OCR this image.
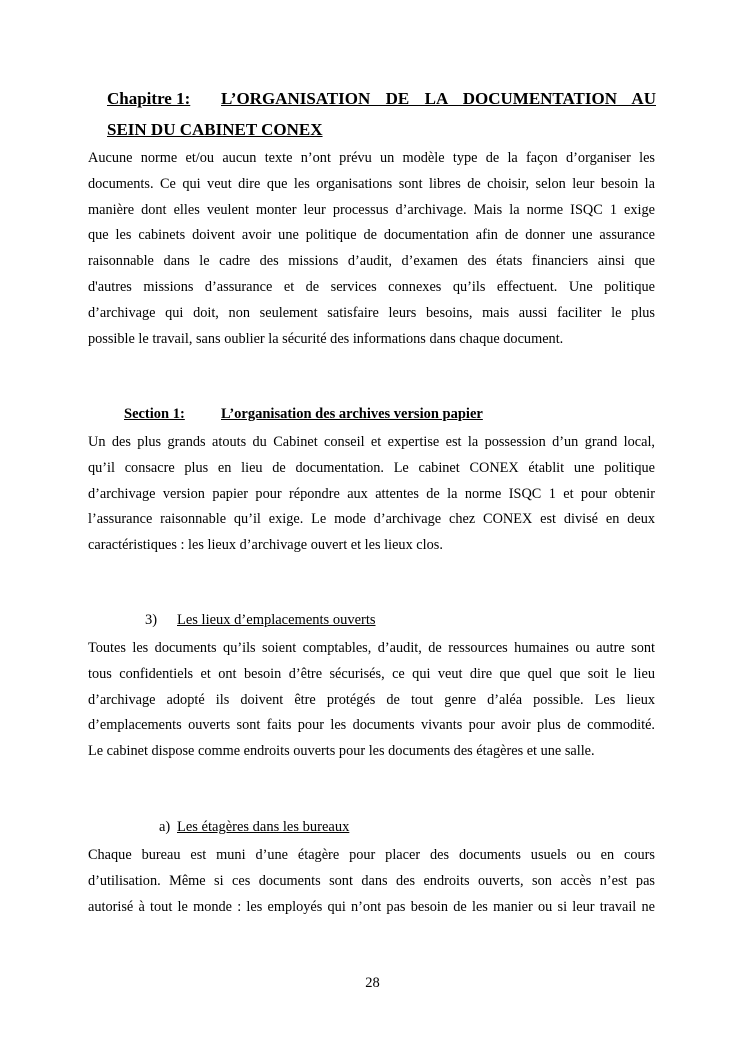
Chapitre 1:	L’ORGANISATION DE LA DOCUMENTATION AU
SEIN DU CABINET CONEX
Aucune norme et/ou aucun texte n’ont prévu un modèle type de la façon d’organiser les
documents. Ce qui veut dire que les organisations sont libres de choisir, selon leur besoin la
manière dont elles veulent monter leur processus d’archivage. Mais la norme ISQC 1 exige
que les cabinets doivent avoir une politique de documentation afin de donner une assurance
raisonnable dans le cadre des missions d’audit, d’examen des états financiers ainsi que
d'autres missions d’assurance et de services connexes qu’ils effectuent. Une politique
d’archivage qui doit, non seulement satisfaire leurs besoins, mais aussi faciliter le plus
possible le travail, sans oublier la sécurité des informations dans chaque document.
Section 1:	L’organisation des archives version papier
Un des plus grands atouts du Cabinet conseil et expertise est la possession d’un grand local,
qu’il consacre plus en lieu de documentation. Le cabinet CONEX établit une politique
d’archivage version papier pour répondre aux attentes de la norme ISQC 1 et pour obtenir
l’assurance raisonnable qu’il exige. Le mode d’archivage chez CONEX est divisé en deux
caractéristiques : les lieux d’archivage ouvert et les lieux clos.
3) Les lieux d’emplacements ouverts
Toutes les documents qu’ils soient comptables, d’audit, de ressources humaines ou autre sont
tous confidentiels et ont besoin d’être sécurisés, ce qui veut dire que quel que soit le lieu
d’archivage adopté ils doivent être protégés de tout genre d’aléa possible. Les lieux
d’emplacements ouverts sont faits pour les documents vivants pour avoir plus de commodité.
Le cabinet dispose comme endroits ouverts pour les documents des étagères et une salle.
a) Les étagères dans les bureaux
Chaque bureau est muni d’une étagère pour placer des documents usuels ou en cours
d’utilisation. Même si ces documents sont dans des endroits ouverts, son accès n’est pas
autorisé à tout le monde : les employés qui n’ont pas besoin de les manier ou si leur travail ne
28
